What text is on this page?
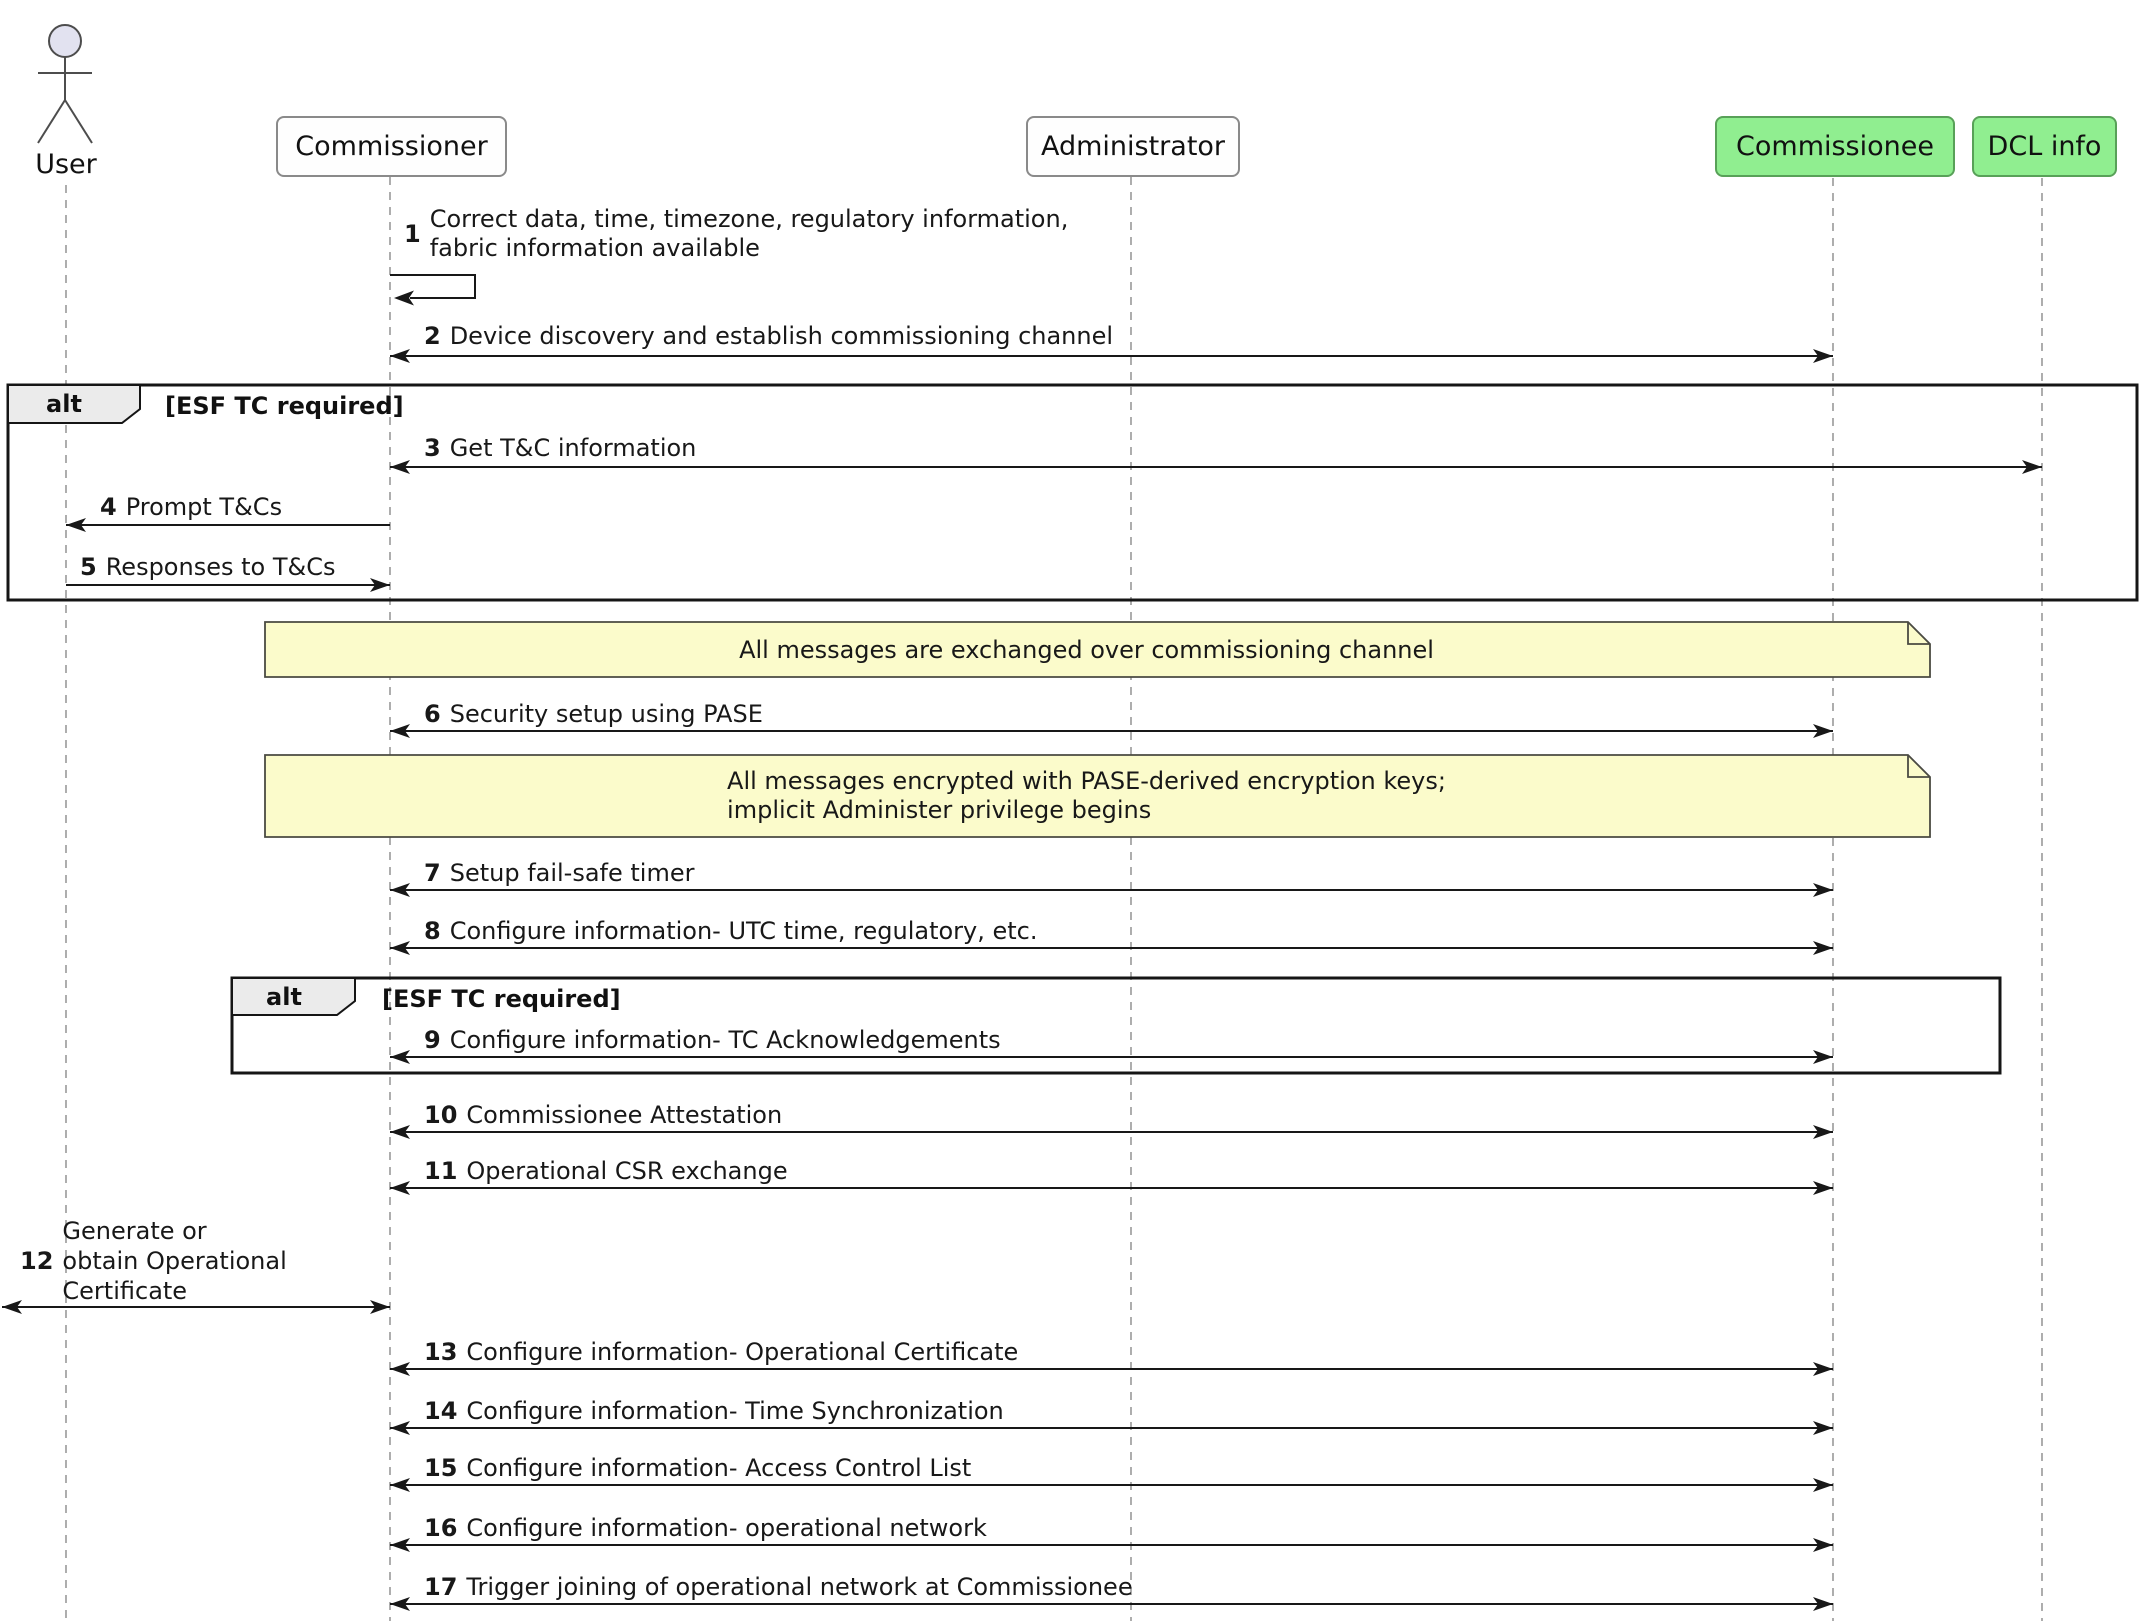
User
Commissioner	Administrator	Commissionee	DCL info
alt	[ESF TC required]
alt	[ESF TC required]
All messages are exchanged over commissioning channel
All messages encrypted with PASE-derived encryption keys;
implicit Administer privilege begins
1
Correct data, time, timezone, regulatory information,
fabric information available
2 Device discovery and establish commissioning channel
3 Get T&C information
4 Prompt T&Cs
5 Responses to T&Cs
6 Security setup using PASE
7 Setup fail-safe timer
8 Configure information- UTC time, regulatory, etc.
9 Configure information- TC Acknowledgements
10 Commissionee Attestation
11 Operational CSR exchange
12
Generate or
obtain Operational
Certificate
13 Configure information- Operational Certificate
14 Configure information- Time Synchronization
15 Configure information- Access Control List
16 Configure information- operational network
17 Trigger joining of operational network at Commissionee
